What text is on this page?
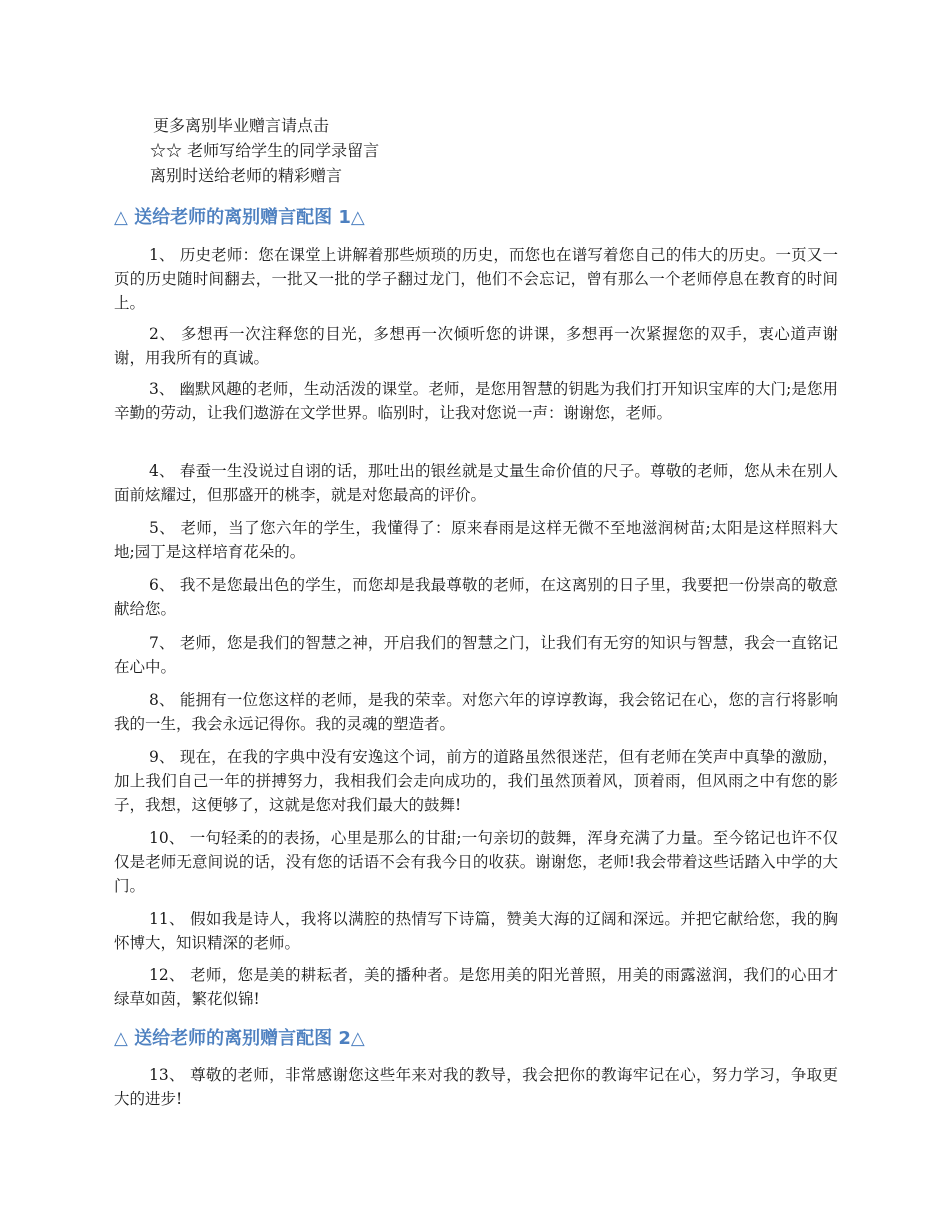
更多离别毕业赠言请点击
☆☆ 老师写给学生的同学录留言
离别时送给老师的精彩赠言
△ 送给老师的离别赠言配图 1△

1、 历史老师：您在课堂上讲解着那些烦琐的历史，而您也在谱写着您自己的伟大的历史。一页又一页的历史随时间翻去，一批又一批的学子翻过龙门，他们不会忘记，曾有那么一个老师停息在教育的时间上。

2、 多想再一次注释您的目光，多想再一次倾听您的讲课，多想再一次紧握您的双手，衷心道声谢谢，用我所有的真诚。

3、 幽默风趣的老师，生动活泼的课堂。老师，是您用智慧的钥匙为我们打开知识宝库的大门;是您用辛勤的劳动，让我们遨游在文学世界。临别时，让我对您说一声：谢谢您，老师。

4、 春蚕一生没说过自诩的话，那吐出的银丝就是丈量生命价值的尺子。尊敬的老师，您从未在别人面前炫耀过，但那盛开的桃李，就是对您最高的评价。

5、 老师，当了您六年的学生，我懂得了：原来春雨是这样无微不至地滋润树苗;太阳是这样照料大地;园丁是这样培育花朵的。

6、 我不是您最出色的学生，而您却是我最尊敬的老师，在这离别的日子里，我要把一份崇高的敬意献给您。

7、 老师，您是我们的智慧之神，开启我们的智慧之门，让我们有无穷的知识与智慧，我会一直铭记在心中。

8、 能拥有一位您这样的老师，是我的荣幸。对您六年的谆谆教诲，我会铭记在心，您的言行将影响我的一生，我会永远记得你。我的灵魂的塑造者。

9、 现在，在我的字典中没有安逸这个词，前方的道路虽然很迷茫，但有老师在笑声中真挚的激励，加上我们自己一年的拼搏努力，我相我们会走向成功的，我们虽然顶着风，顶着雨，但风雨之中有您的影子，我想，这便够了，这就是您对我们最大的鼓舞!

10、 一句轻柔的的表扬，心里是那么的甘甜;一句亲切的鼓舞，浑身充满了力量。至今铭记也许不仅仅是老师无意间说的话，没有您的话语不会有我今日的收获。谢谢您，老师!我会带着这些话踏入中学的大门。

11、 假如我是诗人，我将以满腔的热情写下诗篇，赞美大海的辽阔和深远。并把它献给您，我的胸怀博大，知识精深的老师。

12、 老师，您是美的耕耘者，美的播种者。是您用美的阳光普照，用美的雨露滋润，我们的心田才绿草如茵，繁花似锦!

△ 送给老师的离别赠言配图 2△

13、 尊敬的老师，非常感谢您这些年来对我的教导，我会把你的教诲牢记在心，努力学习，争取更大的进步!
